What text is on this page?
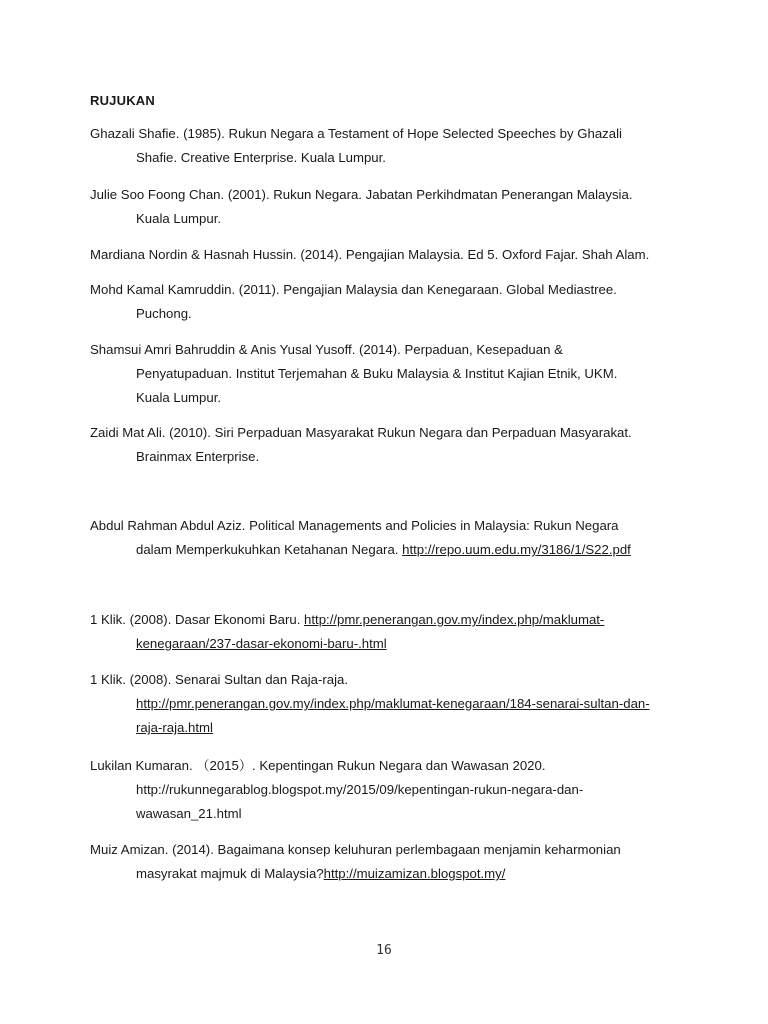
RUJUKAN
Ghazali Shafie. (1985). Rukun Negara a Testament of Hope Selected Speeches by Ghazali
Shafie. Creative Enterprise. Kuala Lumpur.
Julie Soo Foong Chan. (2001). Rukun Negara. Jabatan Perkihdmatan Penerangan Malaysia.
Kuala Lumpur.
Mardiana Nordin & Hasnah Hussin. (2014). Pengajian Malaysia. Ed 5. Oxford Fajar. Shah Alam.
Mohd Kamal Kamruddin. (2011). Pengajian Malaysia dan Kenegaraan. Global Mediastree.
Puchong.
Shamsui Amri Bahruddin & Anis Yusal Yusoff. (2014). Perpaduan, Kesepaduan &
Penyatupaduan. Institut Terjemahan & Buku Malaysia & Institut Kajian Etnik, UKM.
Kuala Lumpur.
Zaidi Mat Ali. (2010). Siri Perpaduan Masyarakat Rukun Negara dan Perpaduan Masyarakat.
Brainmax Enterprise.
Abdul Rahman Abdul Aziz. Political Managements and Policies in Malaysia: Rukun Negara
dalam Memperkukuhkan Ketahanan Negara. http://repo.uum.edu.my/3186/1/S22.pdf
1 Klik. (2008). Dasar Ekonomi Baru. http://pmr.penerangan.gov.my/index.php/maklumat-
kenegaraan/237-dasar-ekonomi-baru-.html
1 Klik. (2008). Senarai Sultan dan Raja-raja.
http://pmr.penerangan.gov.my/index.php/maklumat-kenegaraan/184-senarai-sultan-dan-
raja-raja.html
Lukilan Kumaran. （2015）. Kepentingan Rukun Negara dan Wawasan 2020.
http://rukunnegarablog.blogspot.my/2015/09/kepentingan-rukun-negara-dan-
wawasan_21.html
Muiz Amizan. (2014). Bagaimana konsep keluhuran perlembagaan menjamin keharmonian
masyrakat majmuk di Malaysia?http://muizamizan.blogspot.my/
16
